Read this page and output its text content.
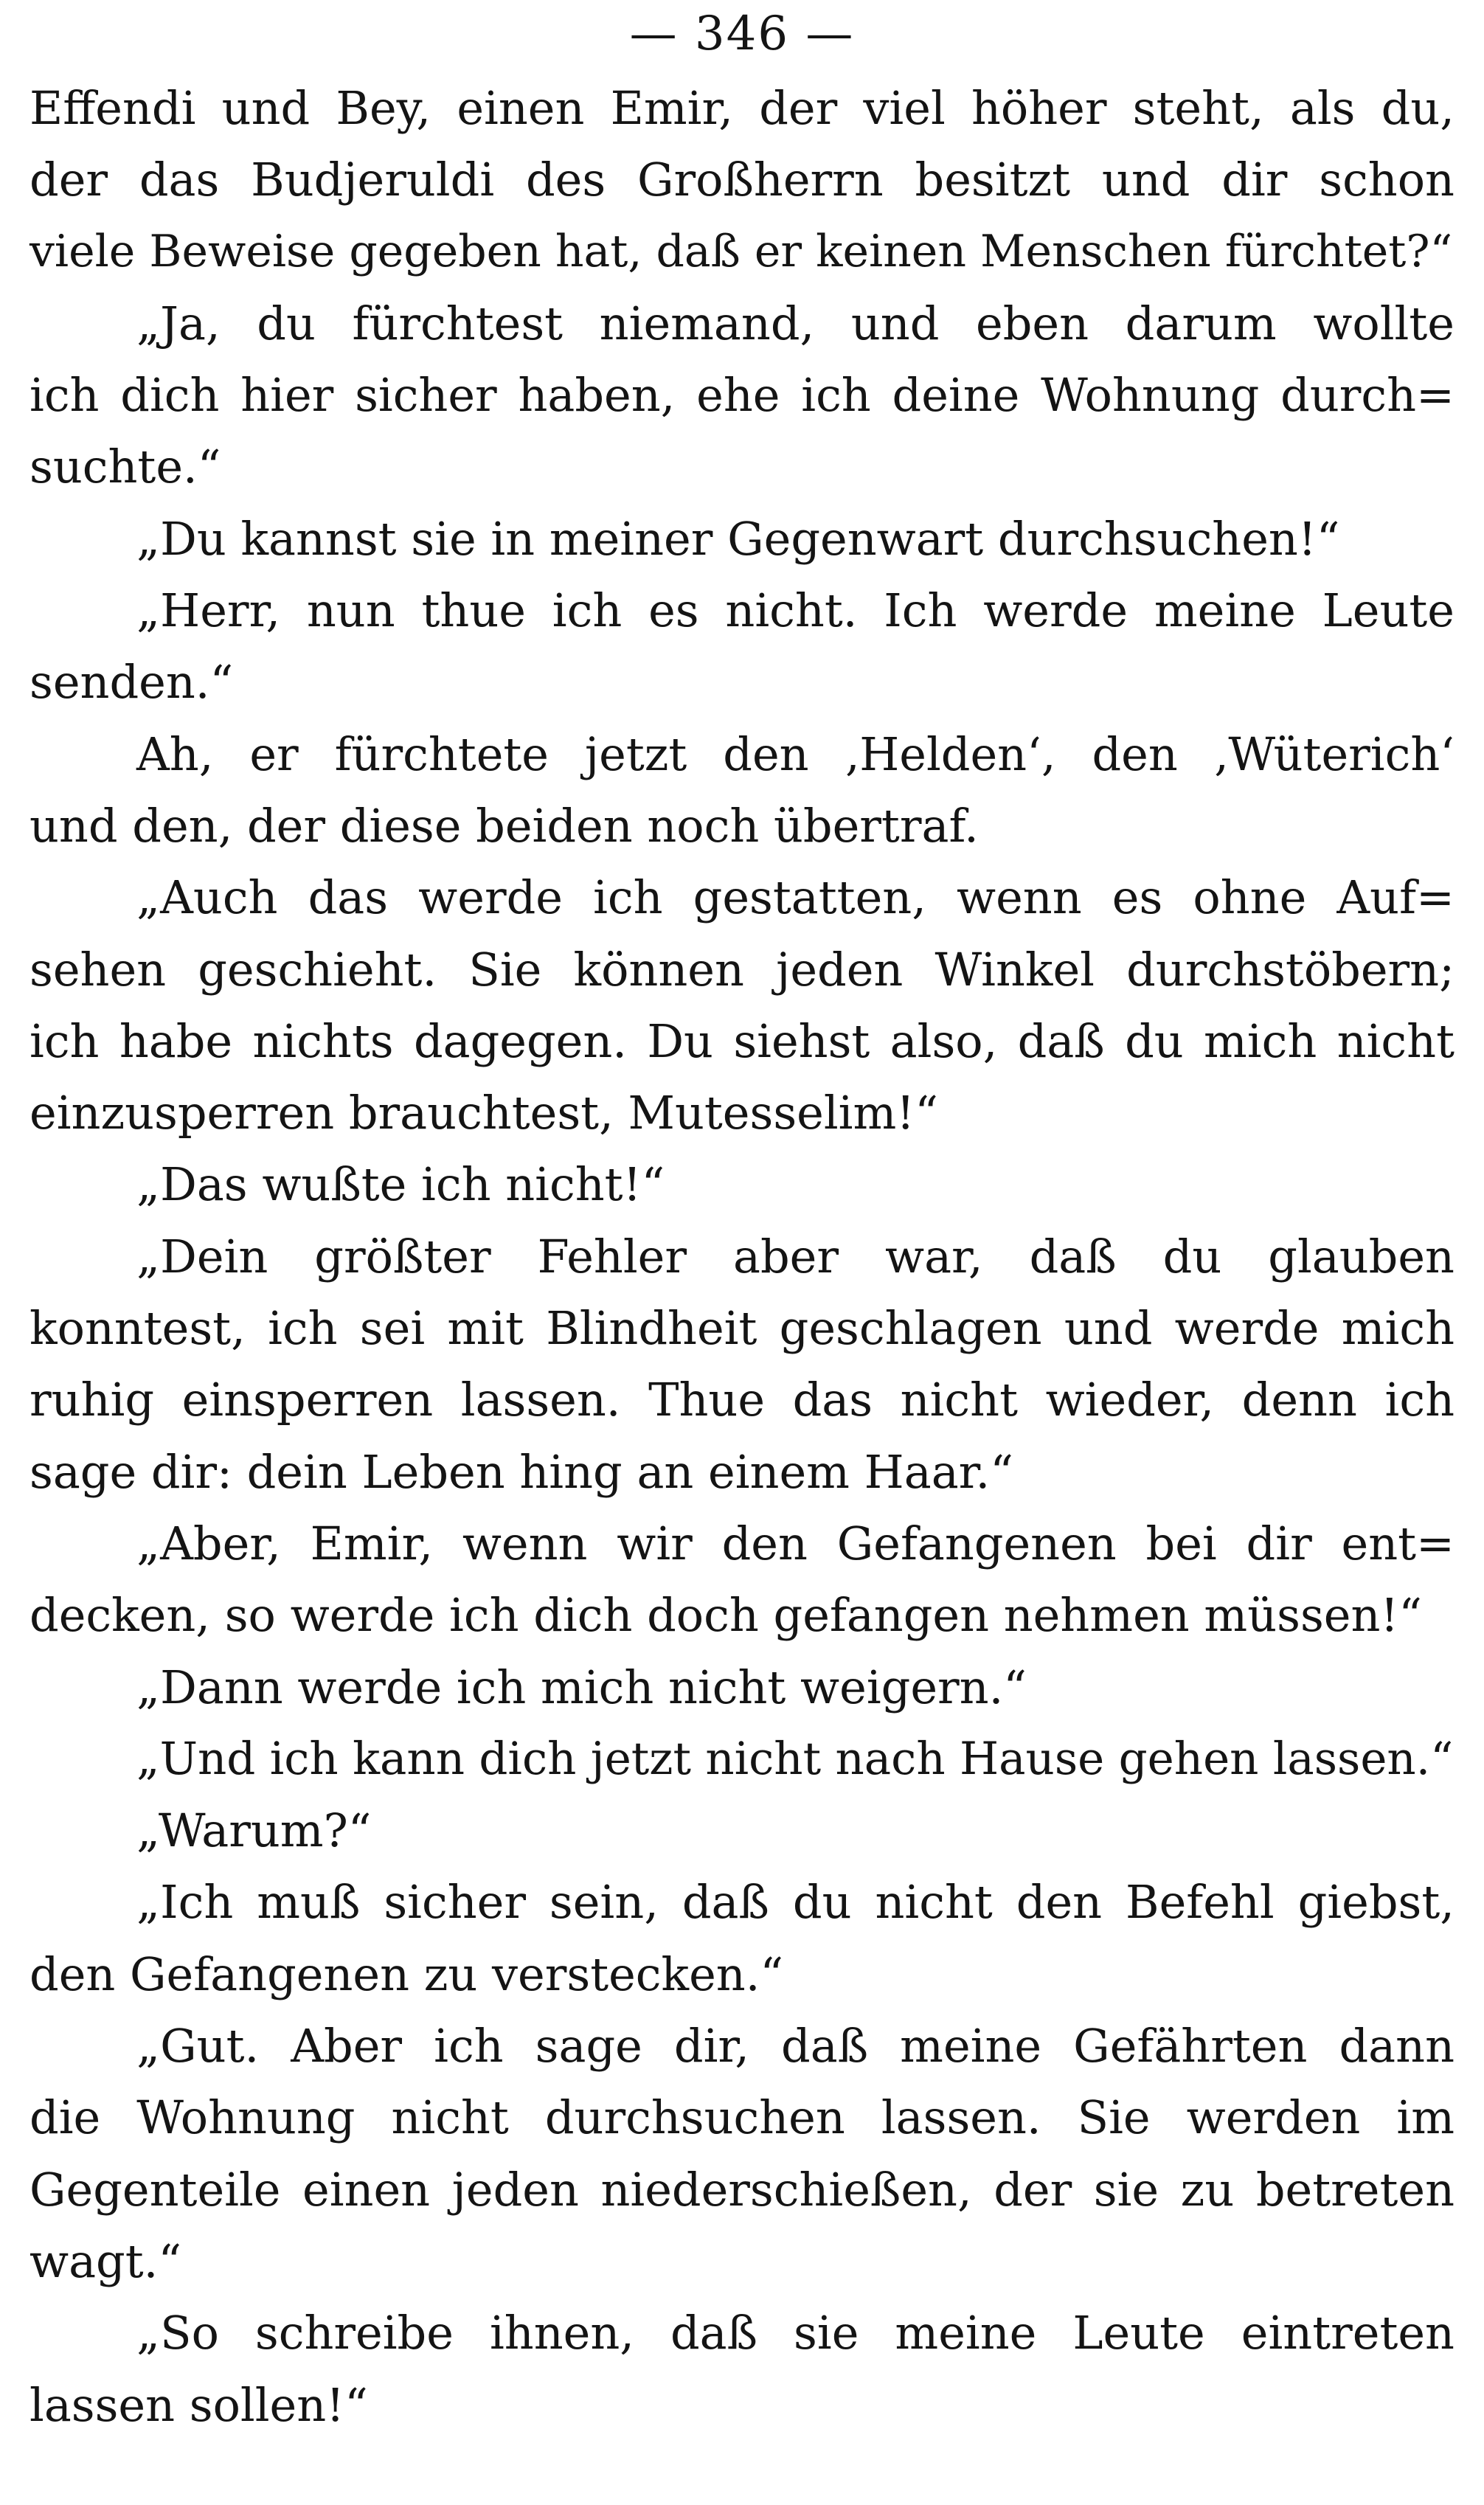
— 346 —
Effendi und Bey, einen Emir, der viel höher steht, als du,
der das Budjeruldi des Großherrn besitzt und dir schon
viele Beweise gegeben hat, daß er keinen Menschen fürchtet?“
„Ja, du fürchtest niemand, und eben darum wollte
ich dich hier sicher haben, ehe ich deine Wohnung durch=
suchte.“
„Du kannst sie in meiner Gegenwart durchsuchen!“
„Herr, nun thue ich es nicht. Ich werde meine Leute
senden.“
Ah, er fürchtete jetzt den ‚Helden‘, den ‚Wüterich‘
und den, der diese beiden noch übertraf.
„Auch das werde ich gestatten, wenn es ohne Auf=
sehen geschieht. Sie können jeden Winkel durchstöbern;
ich habe nichts dagegen. Du siehst also, daß du mich nicht
einzusperren brauchtest, Mutesselim!“
„Das wußte ich nicht!“
„Dein größter Fehler aber war, daß du glauben
konntest, ich sei mit Blindheit geschlagen und werde mich
ruhig einsperren lassen. Thue das nicht wieder, denn ich
sage dir: dein Leben hing an einem Haar.“
„Aber, Emir, wenn wir den Gefangenen bei dir ent=
decken, so werde ich dich doch gefangen nehmen müssen!“
„Dann werde ich mich nicht weigern.“
„Und ich kann dich jetzt nicht nach Hause gehen lassen.“
„Warum?“
„Ich muß sicher sein, daß du nicht den Befehl giebst,
den Gefangenen zu verstecken.“
„Gut. Aber ich sage dir, daß meine Gefährten dann
die Wohnung nicht durchsuchen lassen. Sie werden im
Gegenteile einen jeden niederschießen, der sie zu betreten
wagt.“
„So schreibe ihnen, daß sie meine Leute eintreten
lassen sollen!“
